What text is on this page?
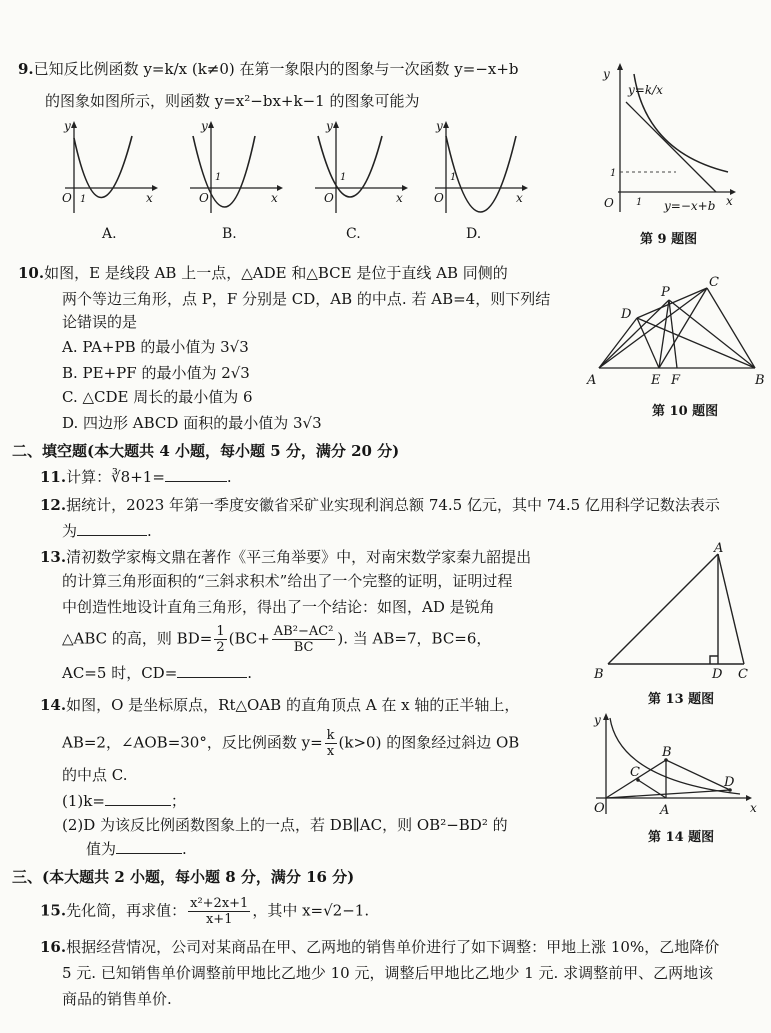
9.已知反比例函数 y=k/x (k≠0) 在第一象限内的图象与一次函数 y=−x+b
的图象如图所示，则函数 y=x²−bx+k−1 的图象可能为
y
x
O 1
A.
y
x
O
1
B.
y
x
O
1
C.
y
x
O
1
D.
y
y=k/x
O
1
1	x
y=−x+b
第 9 题图
10.如图，E 是线段 AB 上一点，△ADE 和△BCE 是位于直线 AB 同侧的
两个等边三角形，点 P，F 分别是 CD，AB 的中点. 若 AB=4，则下列结
论错误的是
A. PA+PB 的最小值为 3√3
B. PE+PF 的最小值为 2√3
C. △CDE 周长的最小值为 6
D. 四边形 ABCD 面积的最小值为 3√3
A	E F	B
D
P
C
第 10 题图
二、填空题(本大题共 4 小题，每小题 5 分，满分 20 分)
11.计算：∛8+1=	.
12.据统计，2023 年第一季度安徽省采矿业实现利润总额 74.5 亿元，其中 74.5 亿用科学记数法表示
为	.
13.清初数学家梅文鼎在著作《平三角举要》中，对南宋数学家秦九韶提出
的计算三角形面积的“三斜求积术”给出了一个完整的证明，证明过程
中创造性地设计直角三角形，得出了一个结论：如图，AD 是锐角
△ABC 的高，则 $BD= \frac{1}{2} (BC+ \frac{\text{AB²−AC²}}{BC}$ ). 当 AB=7，BC=6，
AC=5 时，CD=	.
A
B	D C
第 13 题图
14.如图，O 是坐标原点，Rt△OAB 的直角顶点 A 在 x 轴的正半轴上，
AB=2，∠AOB=30°，反比例函数 $y= \frac{k}{x} (k>0)$ 的图象经过斜边 OB
的中点 C.
(1)k=	；
(2)D 为该反比例函数图象上的一点，若 DB∥AC，则 OB²−BD² 的
值为	.
y
x
O	A
B
C
D
第 14 题图
三、(本大题共 2 小题，每小题 8 分，满分 16 分)
15.先化简，再求值： $\frac{\text{x²+2x+1}}{x+1}$ ，其中 x=√2−1.
16.根据经营情况，公司对某商品在甲、乙两地的销售单价进行了如下调整：甲地上涨 10%，乙地降价
5 元. 已知销售单价调整前甲地比乙地少 10 元，调整后甲地比乙地少 1 元. 求调整前甲、乙两地该
商品的销售单价.
